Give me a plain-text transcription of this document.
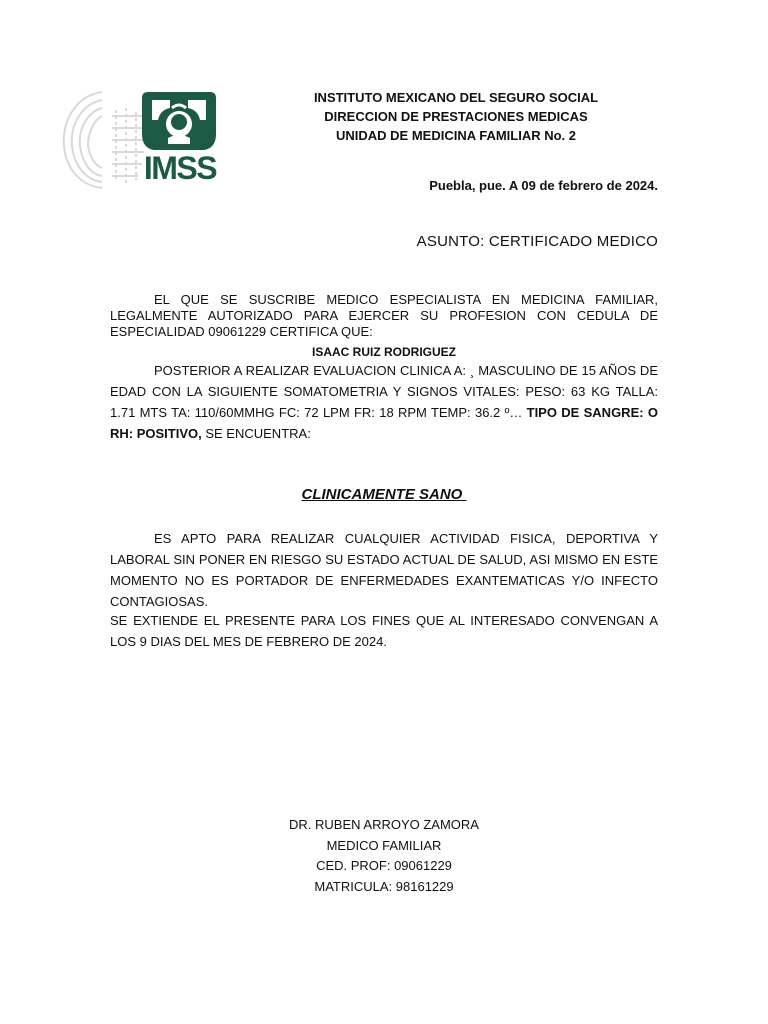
IMSS
INSTITUTO MEXICANO DEL SEGURO SOCIAL
DIRECCION DE PRESTACIONES MEDICAS
UNIDAD DE MEDICINA FAMILIAR No. 2
Puebla, pue. A 09 de febrero de 2024.
ASUNTO: CERTIFICADO MEDICO
EL QUE SE SUSCRIBE MEDICO ESPECIALISTA EN MEDICINA FAMILIAR, LEGALMENTE AUTORIZADO PARA EJERCER SU PROFESION CON CEDULA DE ESPECIALIDAD 09061229 CERTIFICA QUE:
ISAAC RUIZ RODRIGUEZ
POSTERIOR A REALIZAR EVALUACION CLINICA A: ¸ MASCULINO DE 15 AÑOS DE EDAD CON LA SIGUIENTE SOMATOMETRIA Y SIGNOS VITALES: PESO: 63 KG TALLA: 1.71 MTS TA: 110/60MMHG FC: 72 LPM FR: 18 RPM TEMP: 36.2 º… TIPO DE SANGRE: O RH: POSITIVO, SE ENCUENTRA:
CLINICAMENTE SANO
ES APTO PARA REALIZAR CUALQUIER ACTIVIDAD FISICA, DEPORTIVA Y LABORAL SIN PONER EN RIESGO SU ESTADO ACTUAL DE SALUD, ASI MISMO EN ESTE MOMENTO NO ES PORTADOR DE ENFERMEDADES EXANTEMATICAS Y/O INFECTO CONTAGIOSAS.
SE EXTIENDE EL PRESENTE PARA LOS FINES QUE AL INTERESADO CONVENGAN A LOS 9 DIAS DEL MES DE FEBRERO DE 2024.
DR. RUBEN ARROYO ZAMORA
MEDICO FAMILIAR
CED. PROF: 09061229
MATRICULA: 98161229
